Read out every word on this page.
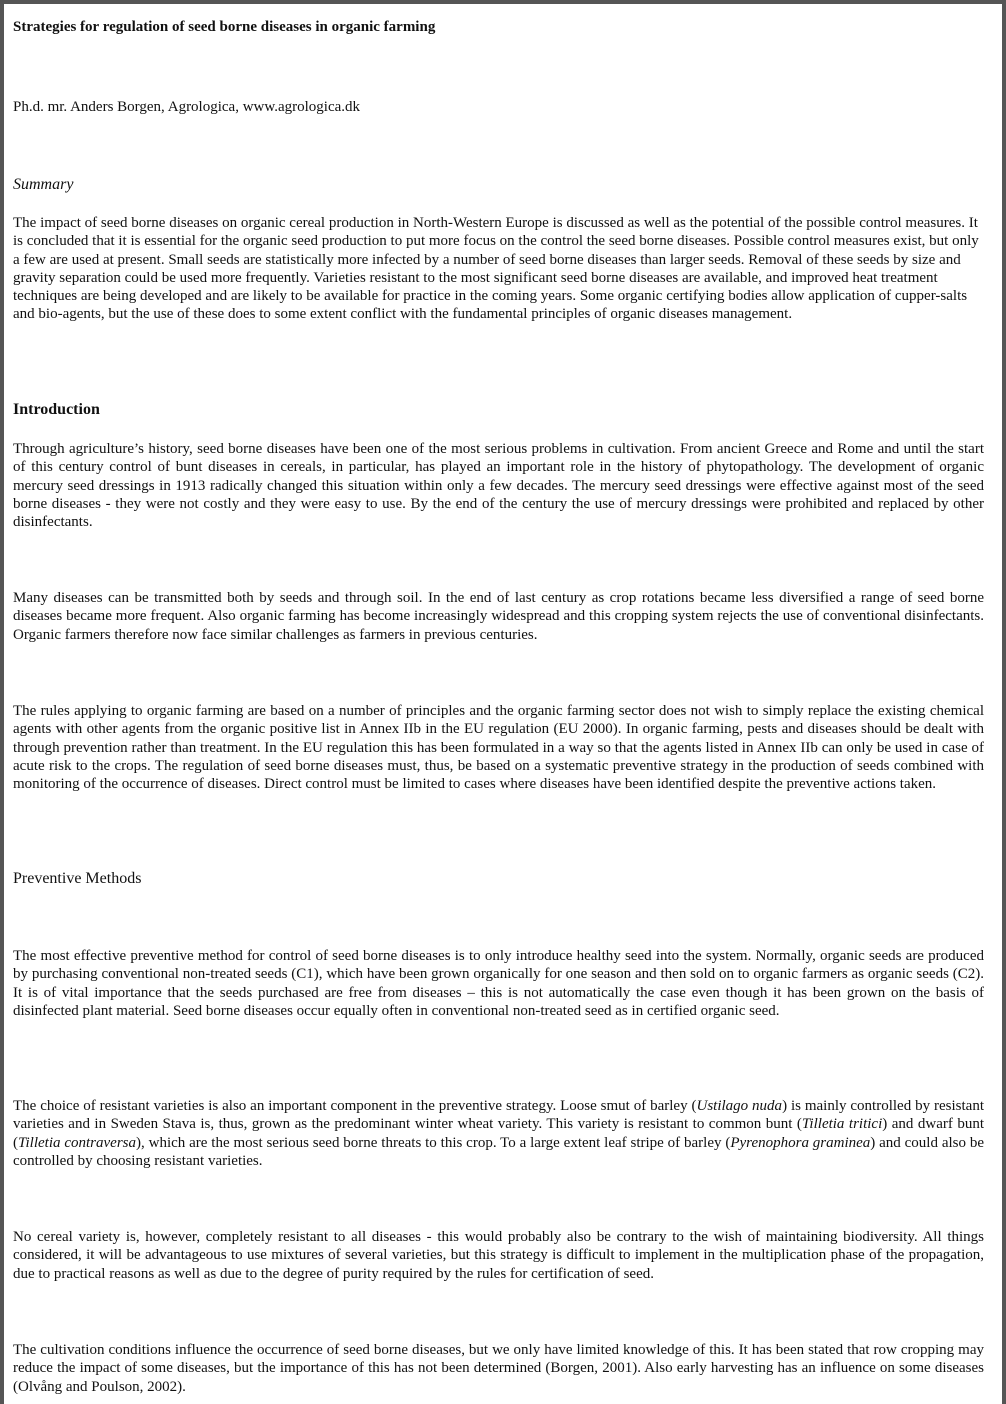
Strategies for regulation of seed borne diseases in organic farming

Ph.d. mr. Anders Borgen, Agrologica, www.agrologica.dk

Summary

The impact of seed borne diseases on organic cereal production in North-Western Europe is discussed as well as the potential of the possible control measures. It is concluded that it is essential for the organic seed production to put more focus on the control the seed borne diseases. Possible control measures exist, but only a few are used at present. Small seeds are statistically more infected by a number of seed borne diseases than larger seeds. Removal of these seeds by size and gravity separation could be used more frequently. Varieties resistant to the most significant seed borne diseases are available, and improved heat treatment techniques are being developed and are likely to be available for practice in the coming years. Some organic certifying bodies allow application of cupper-salts and bio-agents, but the use of these does to some extent conflict with the fundamental principles of organic diseases management.

Introduction

Through agriculture’s history, seed borne diseases have been one of the most serious problems in cultivation. From ancient Greece and Rome and until the start of this century control of bunt diseases in cereals, in particular, has played an important role in the history of phytopathology. The development of organic mercury seed dressings in 1913 radically changed this situation within only a few decades. The mercury seed dressings were effective against most of the seed borne diseases - they were not costly and they were easy to use. By the end of the century the use of mercury dressings were prohibited and replaced by other disinfectants.

Many diseases can be transmitted both by seeds and through soil. In the end of last century as crop rotations became less diversified a range of seed borne diseases became more frequent. Also organic farming has become increasingly widespread and this cropping system rejects the use of conventional disinfectants. Organic farmers therefore now face similar challenges as farmers in previous centuries.

The rules applying to organic farming are based on a number of principles and the organic farming sector does not wish to simply replace the existing chemical agents with other agents from the organic positive list in Annex IIb in the EU regulation (EU 2000). In organic farming, pests and diseases should be dealt with through prevention rather than treatment. In the EU regulation this has been formulated in a way so that the agents listed in Annex IIb can only be used in case of acute risk to the crops. The regulation of seed borne diseases must, thus, be based on a systematic preventive strategy in the production of seeds combined with monitoring of the occurrence of diseases. Direct control must be limited to cases where diseases have been identified despite the preventive actions taken.

Preventive Methods

The most effective preventive method for control of seed borne diseases is to only introduce healthy seed into the system. Normally, organic seeds are produced by purchasing conventional non-treated seeds (C1), which have been grown organically for one season and then sold on to organic farmers as organic seeds (C2). It is of vital importance that the seeds purchased are free from diseases – this is not automatically the case even though it has been grown on the basis of disinfected plant material. Seed borne diseases occur equally often in conventional non-treated seed as in certified organic seed.

The choice of resistant varieties is also an important component in the preventive strategy. Loose smut of barley (Ustilago nuda) is mainly controlled by resistant varieties and in Sweden Stava is, thus, grown as the predominant winter wheat variety. This variety is resistant to common bunt (Tilletia tritici) and dwarf bunt (Tilletia contraversa), which are the most serious seed borne threats to this crop. To a large extent leaf stripe of barley (Pyrenophora graminea) and could also be controlled by choosing resistant varieties.

No cereal variety is, however, completely resistant to all diseases - this would probably also be contrary to the wish of maintaining biodiversity. All things considered, it will be advantageous to use mixtures of several varieties, but this strategy is difficult to implement in the multiplication phase of the propagation, due to practical reasons as well as due to the degree of purity required by the rules for certification of seed.

The cultivation conditions influence the occurrence of seed borne diseases, but we only have limited knowledge of this. It has been stated that row cropping may reduce the impact of some diseases, but the importance of this has not been determined (Borgen, 2001). Also early harvesting has an influence on some diseases (Olvång and Poulson, 2002).
